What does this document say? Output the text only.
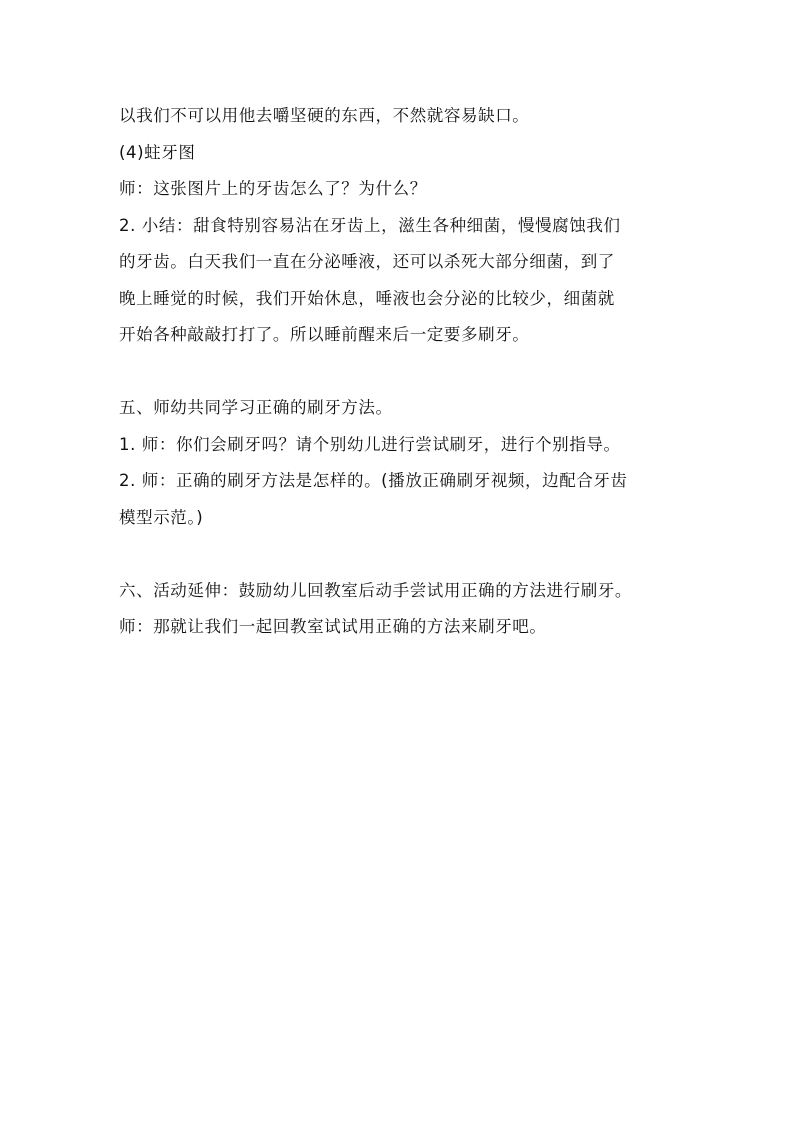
以我们不可以用他去嚼坚硬的东西，不然就容易缺口。
(4)蛀牙图
师：这张图片上的牙齿怎么了？为什么？
2. 小结：甜食特别容易沾在牙齿上，滋生各种细菌，慢慢腐蚀我们
的牙齿。白天我们一直在分泌唾液，还可以杀死大部分细菌，到了
晚上睡觉的时候，我们开始休息，唾液也会分泌的比较少，细菌就
开始各种敲敲打打了。所以睡前醒来后一定要多刷牙。
五、师幼共同学习正确的刷牙方法。
1. 师：你们会刷牙吗？请个别幼儿进行尝试刷牙，进行个别指导。
2. 师：正确的刷牙方法是怎样的。(播放正确刷牙视频，边配合牙齿
模型示范。)
六、活动延伸：鼓励幼儿回教室后动手尝试用正确的方法进行刷牙。
师：那就让我们一起回教室试试用正确的方法来刷牙吧。
